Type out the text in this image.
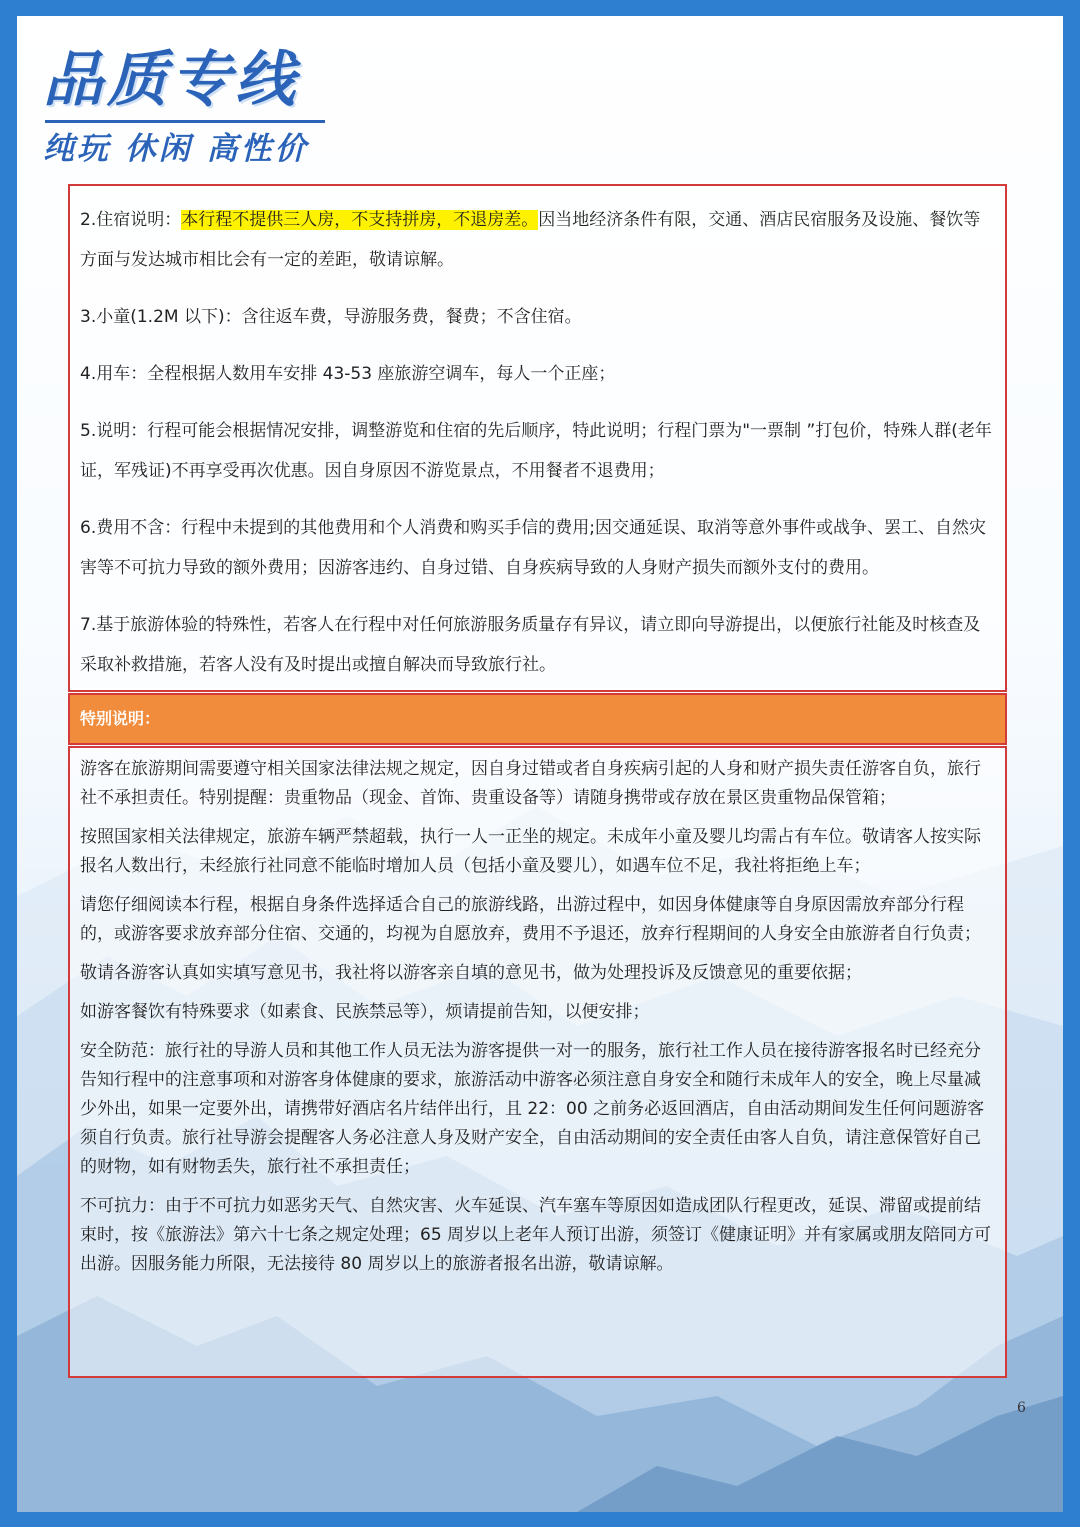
品质专线
纯玩 休闲 高性价

2.住宿说明：本行程不提供三人房，不支持拼房，不退房差。因当地经济条件有限，交通、酒店民宿服务及设施、餐饮等方面与发达城市相比会有一定的差距，敬请谅解。

3.小童(1.2M 以下)：含往返车费，导游服务费，餐费；不含住宿。

4.用车：全程根据人数用车安排 43-53 座旅游空调车，每人一个正座；

5.说明：行程可能会根据情况安排，调整游览和住宿的先后顺序，特此说明；行程门票为"一票制 ”打包价，特殊人群(老年证，军残证)不再享受再次优惠。因自身原因不游览景点，不用餐者不退费用；

6.费用不含：行程中未提到的其他费用和个人消费和购买手信的费用;因交通延误、取消等意外事件或战争、罢工、自然灾害等不可抗力导致的额外费用；因游客违约、自身过错、自身疾病导致的人身财产损失而额外支付的费用。

7.基于旅游体验的特殊性，若客人在行程中对任何旅游服务质量存有异议，请立即向导游提出，以便旅行社能及时核查及采取补救措施，若客人没有及时提出或擅自解决而导致旅行社。

特别说明：

游客在旅游期间需要遵守相关国家法律法规之规定，因自身过错或者自身疾病引起的人身和财产损失责任游客自负，旅行社不承担责任。特别提醒：贵重物品（现金、首饰、贵重设备等）请随身携带或存放在景区贵重物品保管箱；

按照国家相关法律规定，旅游车辆严禁超载，执行一人一正坐的规定。未成年小童及婴儿均需占有车位。敬请客人按实际报名人数出行，未经旅行社同意不能临时增加人员（包括小童及婴儿），如遇车位不足，我社将拒绝上车；

请您仔细阅读本行程，根据自身条件选择适合自己的旅游线路，出游过程中，如因身体健康等自身原因需放弃部分行程的，或游客要求放弃部分住宿、交通的，均视为自愿放弃，费用不予退还，放弃行程期间的人身安全由旅游者自行负责；

敬请各游客认真如实填写意见书，我社将以游客亲自填的意见书，做为处理投诉及反馈意见的重要依据；

如游客餐饮有特殊要求（如素食、民族禁忌等），烦请提前告知，以便安排；

安全防范：旅行社的导游人员和其他工作人员无法为游客提供一对一的服务，旅行社工作人员在接待游客报名时已经充分告知行程中的注意事项和对游客身体健康的要求，旅游活动中游客必须注意自身安全和随行未成年人的安全，晚上尽量减少外出，如果一定要外出，请携带好酒店名片结伴出行，且 22：00 之前务必返回酒店，自由活动期间发生任何问题游客须自行负责。旅行社导游会提醒客人务必注意人身及财产安全，自由活动期间的安全责任由客人自负，请注意保管好自己的财物，如有财物丢失，旅行社不承担责任；

不可抗力：由于不可抗力如恶劣天气、自然灾害、火车延误、汽车塞车等原因如造成团队行程更改，延误、滞留或提前结束时，按《旅游法》第六十七条之规定处理；65 周岁以上老年人预订出游，须签订《健康证明》并有家属或朋友陪同方可出游。因服务能力所限，无法接待 80 周岁以上的旅游者报名出游，敬请谅解。

6
